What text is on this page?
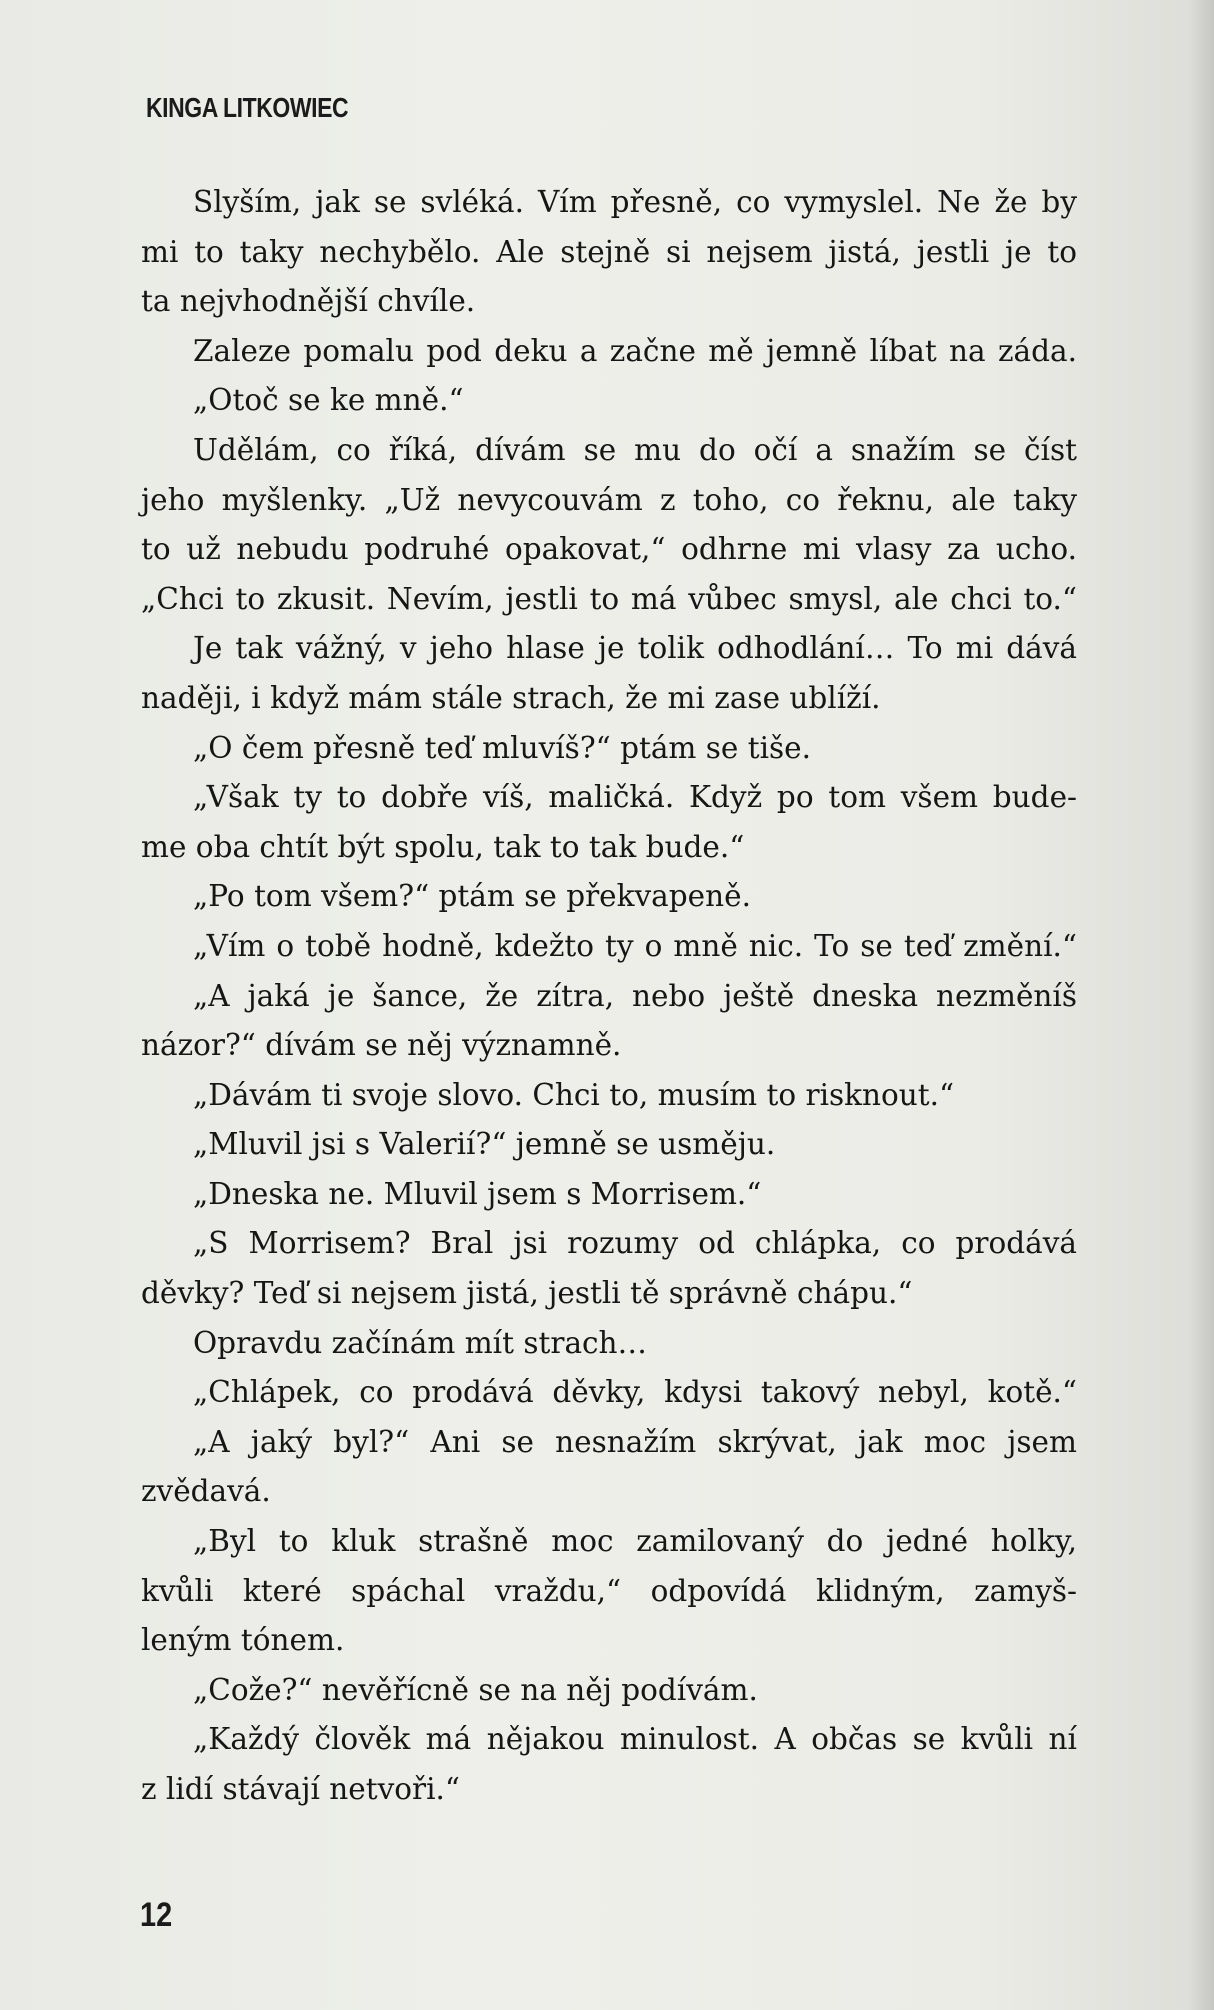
KINGA LITKOWIEC
Slyším, jak se svléká. Vím přesně, co vymyslel. Ne že by
mi to taky nechybělo. Ale stejně si nejsem jistá, jestli je to
ta nejvhodnější chvíle.
Zaleze pomalu pod deku a začne mě jemně líbat na záda.
„Otoč se ke mně.“
Udělám, co říká, dívám se mu do očí a snažím se číst
jeho myšlenky. „Už nevycouvám z toho, co řeknu, ale taky
to už nebudu podruhé opakovat,“ odhrne mi vlasy za ucho.
„Chci to zkusit. Nevím, jestli to má vůbec smysl, ale chci to.“
Je tak vážný, v jeho hlase je tolik odhodlání… To mi dává
naději, i když mám stále strach, že mi zase ublíží.
„O čem přesně teď mluvíš?“ ptám se tiše.
„Však ty to dobře víš, maličká. Když po tom všem bude-
me oba chtít být spolu, tak to tak bude.“
„Po tom všem?“ ptám se překvapeně.
„Vím o tobě hodně, kdežto ty o mně nic. To se teď změní.“
„A jaká je šance, že zítra, nebo ještě dneska nezměníš
názor?“ dívám se něj významně.
„Dávám ti svoje slovo. Chci to, musím to risknout.“
„Mluvil jsi s Valerií?“ jemně se usměju.
„Dneska ne. Mluvil jsem s Morrisem.“
„S Morrisem? Bral jsi rozumy od chlápka, co prodává
děvky? Teď si nejsem jistá, jestli tě správně chápu.“
Opravdu začínám mít strach…
„Chlápek, co prodává děvky, kdysi takový nebyl, kotě.“
„A jaký byl?“ Ani se nesnažím skrývat, jak moc jsem
zvědavá.
„Byl to kluk strašně moc zamilovaný do jedné holky,
kvůli které spáchal vraždu,“ odpovídá klidným, zamyš-
leným tónem.
„Cože?“ nevěřícně se na něj podívám.
„Každý člověk má nějakou minulost. A občas se kvůli ní
z lidí stávají netvoři.“
12
